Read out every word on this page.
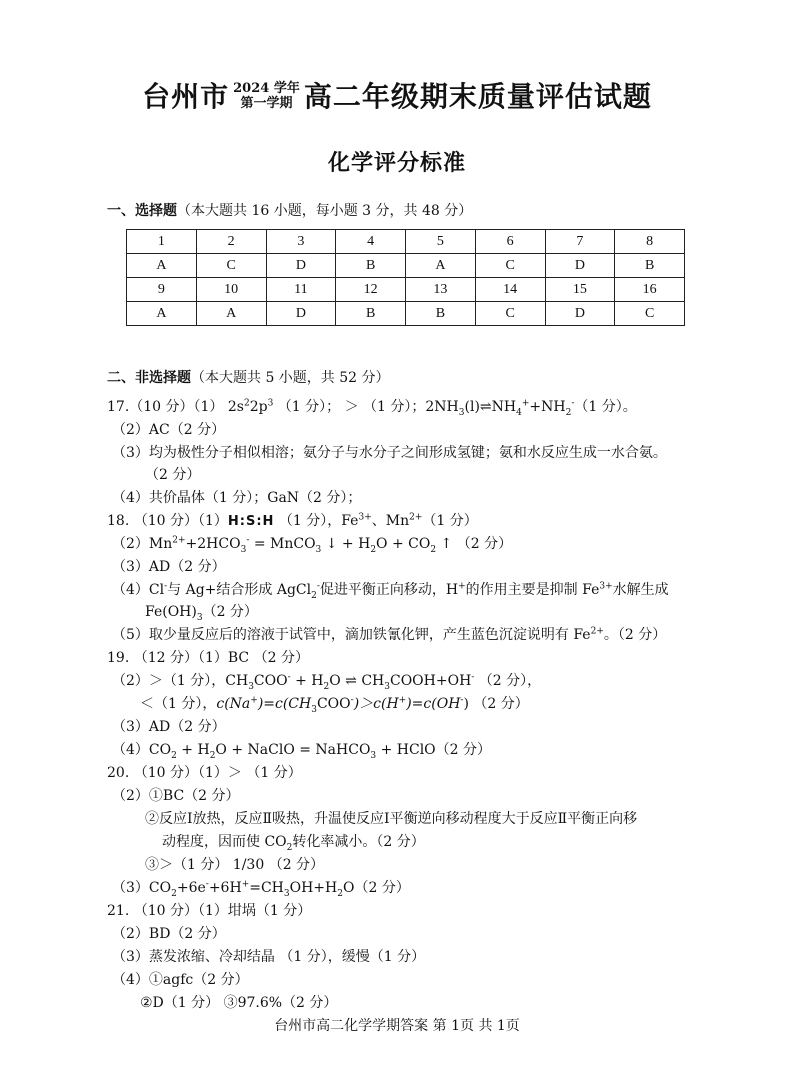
台州市 2024 学年
第一学期 高二年级期末质量评估试题
化学评分标准
一、选择题（本大题共 16 小题，每小题 3 分，共 48 分）
1	2	3	4	5	6	7	8
A	C	D	B	A	C	D	B
9	10	11	12	13	14	15	16
A	A	D	B	B	C	D	C
二、非选择题（本大题共 5 小题，共 52 分）
17.（10 分）（1） $2s^22p^3$ （1 分）； ＞ （1 分）；$2NH_3(l)\rightleftharpoons NH_4^++NH_2^-(1$ 分）。
（2）AC（2 分）
（3）均为极性分子相似相溶；氨分子与水分子之间形成氢键；氨和水反应生成一水合氨。
（2 分）
（4）共价晶体（1 分）；GaN（2 分）；
18. （10 分）（1）H:S:H （1 分），$Fe^{3+}$、$Mn^{2+}(1$ 分）
$(2)Mn^{2+}+2HCO_3^-$ = MnCO$_3$ ↓ + $H_2O + CO_2$ ↑ （2 分）
（3）AD（2 分）
（4）Cl-与 Ag+结合形成 AgCl$_2$-促进平衡正向移动，H+的作用主要是抑制 $Fe^{3+}$水解生成
$Fe(OH)_3(2$ 分）
（5）取少量反应后的溶液于试管中，滴加铁氰化钾，产生蓝色沉淀说明有 $Fe^{2+}$。（2 分）
19. （12 分）（1）BC （2 分）
（2）＞（1 分），$CH_3COO^- + H_2O$ ⇌ $CH_3COOH+OH^-$ （2 分），
＜（1 分），$c(Na^+)=c(CH_3COO^-)>c(H^+)=c(OH^-)$ （2 分）
（3）AD（2 分）
$(4)CO_2 + H_2O$ + NaClO = NaHCO$_3$ + HClO（2 分）
20. （10 分）（1）＞ （1 分）
（2）①BC（2 分）
②反应Ⅰ放热，反应Ⅱ吸热，升温使反应Ⅰ平衡逆向移动程度大于反应Ⅱ平衡正向移
动程度，因而使 $CO_2$转化率减小。（2 分）
③＞（1 分） 1/30 （2 分）
$(3)CO_2+6e^-+6H^+=CH_3OH+H_2O(2$ 分）
21. （10 分）（1）坩埚（1 分）
（2）BD（2 分）
（3）蒸发浓缩、冷却结晶 （1 分），缓慢（1 分）
（4）①agfc（2 分）
②D（1 分） ③97.6%（2 分）
台州市高二化学学期答案 第 1页 共 1页
